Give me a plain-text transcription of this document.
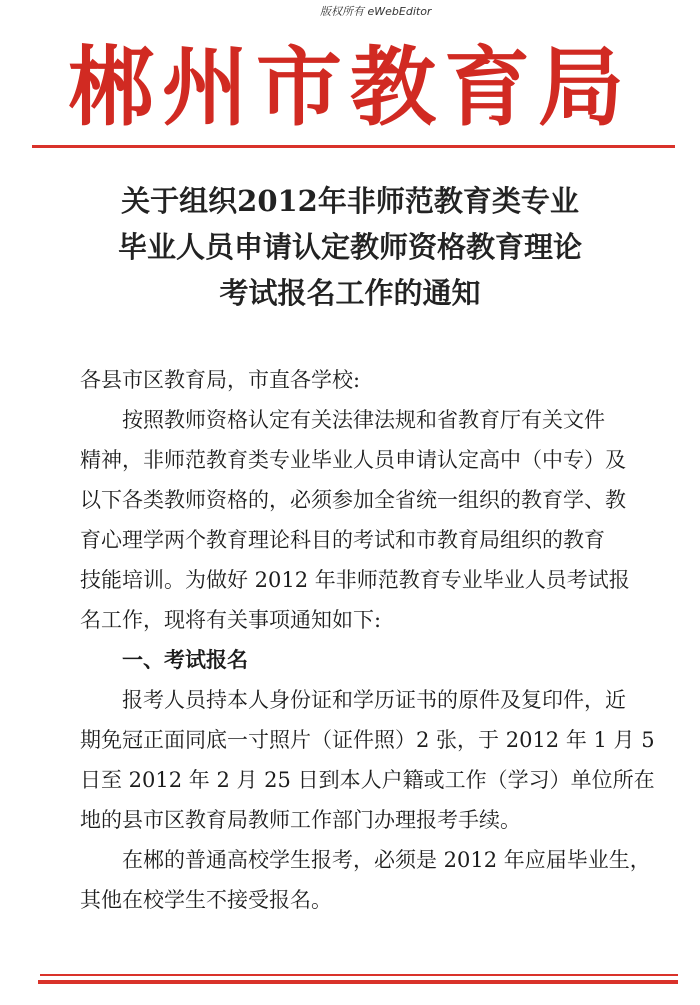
版权所有 eWebEditor
郴州市教育局
关于组织2012年非师范教育类专业
毕业人员申请认定教师资格教育理论
考试报名工作的通知
各县市区教育局，市直各学校:
按照教师资格认定有关法律法规和省教育厅有关文件
精神，非师范教育类专业毕业人员申请认定高中（中专）及
以下各类教师资格的，必须参加全省统一组织的教育学、教
育心理学两个教育理论科目的考试和市教育局组织的教育
技能培训。为做好 2012 年非师范教育专业毕业人员考试报
名工作，现将有关事项通知如下:
一、考试报名
报考人员持本人身份证和学历证书的原件及复印件，近
期免冠正面同底一寸照片（证件照）2 张，于 2012 年 1 月 5
日至 2012 年 2 月 25 日到本人户籍或工作（学习）单位所在
地的县市区教育局教师工作部门办理报考手续。
在郴的普通高校学生报考，必须是 2012 年应届毕业生，
其他在校学生不接受报名。
